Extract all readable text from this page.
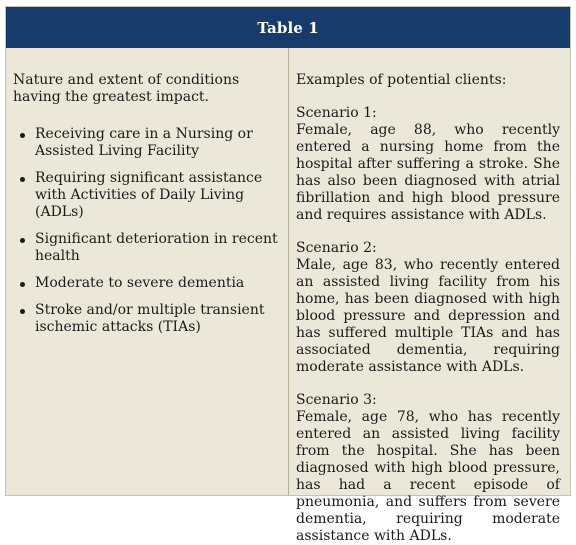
Table 1

Nature and extent of conditions having the greatest impact.

Receiving care in a Nursing or Assisted Living Facility
Requiring significant assistance with Activities of Daily Living (ADLs)
Significant deterioration in recent health
Moderate to severe dementia
Stroke and/or multiple transient ischemic attacks (TIAs)

Examples of potential clients:

Scenario 1:

Female, age 88, who recently entered a nursing home from the hospital after suffering a stroke. She has also been diagnosed with atrial fibrillation and high blood pressure and requires assistance with ADLs.

Scenario 2:

Male, age 83, who recently entered an assisted living facility from his home, has been diagnosed with high blood pressure and depression and has suffered multiple TIAs and has associated dementia, requiring moderate assistance with ADLs.

Scenario 3:

Female, age 78, who has recently entered an assisted living facility from the hospital. She has been diagnosed with high blood pressure, has had a recent episode of pneumonia, and suffers from severe dementia, requiring moderate assistance with ADLs.
